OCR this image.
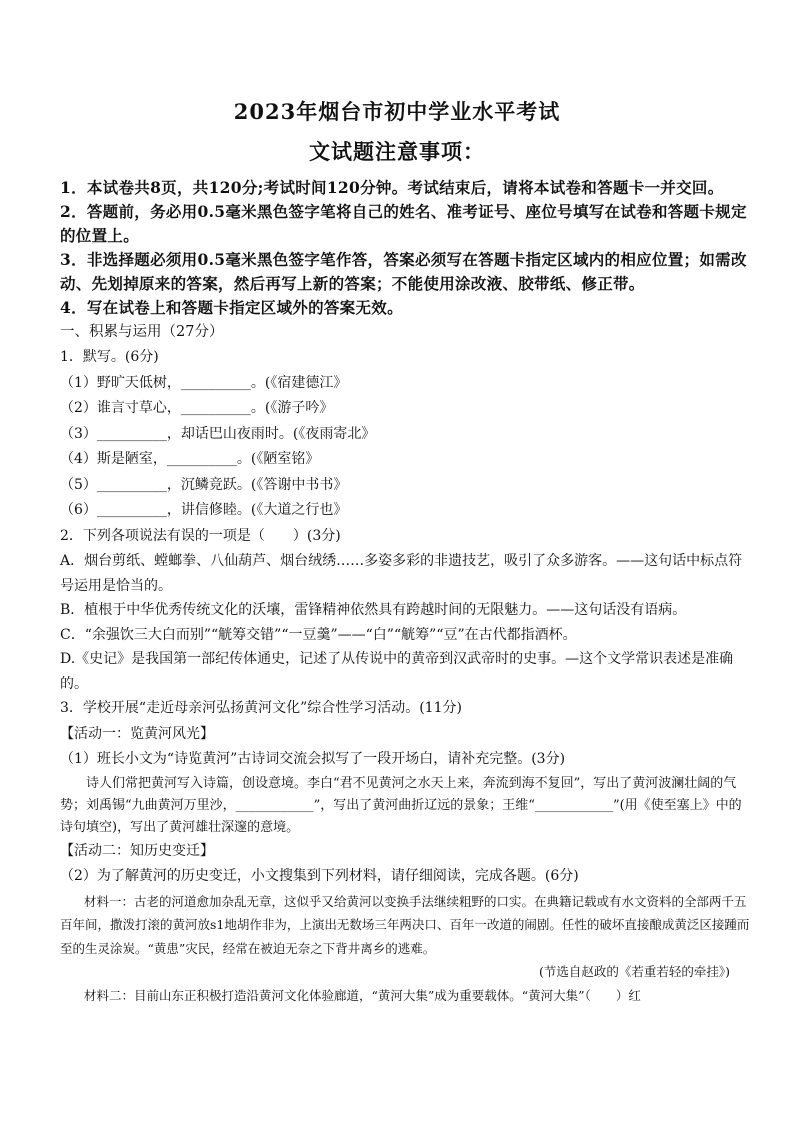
2023年烟台市初中学业水平考试
文试题注意事项：
1．本试卷共8页，共120分;考试时间120分钟。考试结束后，请将本试卷和答题卡一并交回。
2．答题前，务必用0.5毫米黑色签字笔将自己的姓名、准考证号、座位号填写在试卷和答题卡规定的位置上。
3．非选择题必须用0.5毫米黑色签字笔作答，答案必须写在答题卡指定区域内的相应位置；如需改动、先划掉原来的答案，然后再写上新的答案；不能使用涂改液、胶带纸、修正带。
4．写在试卷上和答题卡指定区域外的答案无效。
一、积累与运用（27分）
1．默写。(6分)
（1）野旷天低树，__________。(《宿建德江》
（2）谁言寸草心，__________。(《游子吟》
（3）__________，却话巴山夜雨时。(《夜雨寄北》
（4）斯是陋室，__________。(《陋室铭》
（5）__________，沉鳞竞跃。(《答谢中书书》
（6）__________，讲信修睦。(《大道之行也》
2．下列各项说法有误的一项是（　　）(3分)
A．烟台剪纸、螳螂拳、八仙葫芦、烟台绒绣……多姿多彩的非遗技艺，吸引了众多游客。——这句话中标点符号运用是恰当的。
B．植根于中华优秀传统文化的沃壤，雷锋精神依然具有跨越时间的无限魅力。——这句话没有语病。
C．“余强饮三大白而别”“觥筹交错”“一豆羹”——“白”“觥筹”“豆”在古代都指酒杯。
D.《史记》是我国第一部纪传体通史，记述了从传说中的黄帝到汉武帝时的史事。—这个文学常识表述是准确的。
3．学校开展“走近母亲河弘扬黄河文化”综合性学习活动。(11分)
【活动一：览黄河风光】
（1）班长小文为“诗览黄河”古诗词交流会拟写了一段开场白，请补充完整。(3分)
诗人们常把黄河写入诗篇，创设意境。李白“君不见黄河之水天上来，奔流到海不复回”，写出了黄河波澜壮阔的气势；刘禹锡“九曲黄河万里沙，____________”，写出了黄河曲折辽远的景象；王维“____________”(用《使至塞上》中的诗句填空)，写出了黄河雄壮深邃的意境。
【活动二：知历史变迁】
（2）为了解黄河的历史变迁，小文搜集到下列材料，请仔细阅读，完成各题。(6分)
材料一：古老的河道愈加杂乱无章，这似乎又给黄河以变换手法继续粗野的口实。在典籍记载或有水文资料的全部两千五百年间，撒泼打滚的黄河放s1地胡作非为，上演出无数场三年两决口、百年一改道的闹剧。任性的破坏直接酿成黄泛区接踵而至的生灵涂炭。“黄患”灾民，经常在被迫无奈之下背井离乡的逃难。
(节选自赵政的《若重若轻的牵挂》)
材料二：目前山东正积极打造沿黄河文化体验廊道，“黄河大集”成为重要载体。“黄河大集”（　　）红
